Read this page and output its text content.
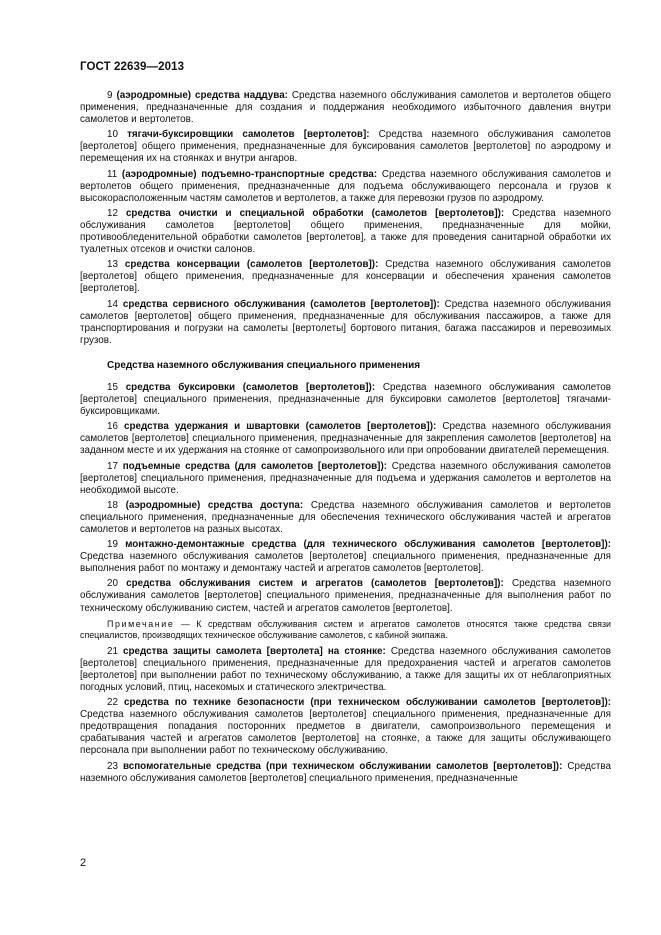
ГОСТ 22639—2013

9 (аэродромные) средства наддува: Средства наземного обслуживания самолетов и вертолетов общего применения, предназначенные для создания и поддержания необходимого избыточного давления внутри самолетов и вертолетов.

10 тягачи-буксировщики самолетов [вертолетов]: Средства наземного обслуживания самолетов [вертолетов] общего применения, предназначенные для буксирования самолетов [вертолетов] по аэродрому и перемещения их на стоянках и внутри ангаров.

11 (аэродромные) подъемно-транспортные средства: Средства наземного обслуживания самолетов и вертолетов общего применения, предназначенные для подъема обслуживающего персонала и грузов к высокорасположенным частям самолетов и вертолетов, а также для перевозки грузов по аэродрому.

12 средства очистки и специальной обработки (самолетов [вертолетов]): Средства наземного обслуживания самолетов [вертолетов] общего применения, предназначенные для мойки, противообледенительной обработки самолетов [вертолетов], а также для проведения санитарной обработки их туалетных отсеков и очистки салонов.

13 средства консервации (самолетов [вертолетов]): Средства наземного обслуживания самолетов [вертолетов] общего применения, предназначенные для консервации и обеспечения хранения самолетов [вертолетов].

14 средства сервисного обслуживания (самолетов [вертолетов]): Средства наземного обслуживания самолетов [вертолетов] общего применения, предназначенные для обслуживания пассажиров, а также для транспортирования и погрузки на самолеты [вертолеты] бортового питания, багажа пассажиров и перевозимых грузов.

Средства наземного обслуживания специального применения

15 средства буксировки (самолетов [вертолетов]): Средства наземного обслуживания самолетов [вертолетов] специального применения, предназначенные для буксировки самолетов [вертолетов] тягачами-буксировщиками.

16 средства удержания и швартовки (самолетов [вертолетов]): Средства наземного обслуживания самолетов [вертолетов] специального применения, предназначенные для закрепления самолетов [вертолетов] на заданном месте и их удержания на стоянке от самопроизвольного или при опробовании двигателей перемещения.

17 подъемные средства (для самолетов [вертолетов]): Средства наземного обслуживания самолетов [вертолетов] специального применения, предназначенные для подъема и удержания самолетов и вертолетов на необходимой высоте.

18 (аэродромные) средства доступа: Средства наземного обслуживания самолетов и вертолетов специального применения, предназначенные для обеспечения технического обслуживания частей и агрегатов самолетов и вертолетов на разных высотах.

19 монтажно-демонтажные средства (для технического обслуживания самолетов [вертолетов]): Средства наземного обслуживания самолетов [вертолетов] специального применения, предназначенные для выполнения работ по монтажу и демонтажу частей и агрегатов самолетов [вертолетов].

20 средства обслуживания систем и агрегатов (самолетов [вертолетов]): Средства наземного обслуживания самолетов [вертолетов] специального применения, предназначенные для выполнения работ по техническому обслуживанию систем, частей и агрегатов самолетов [вертолетов].

Примечание — К средствам обслуживания систем и агрегатов самолетов относятся также средства связи специалистов, производящих техническое обслуживание самолетов, с кабиной экипажа.

21 средства защиты самолета [вертолета] на стоянке: Средства наземного обслуживания самолетов [вертолетов] специального применения, предназначенные для предохранения частей и агрегатов самолетов [вертолетов] при выполнении работ по техническому обслуживанию, а также для защиты их от неблагоприятных погодных условий, птиц, насекомых и статического электричества.

22 средства по технике безопасности (при техническом обслуживании самолетов [вертолетов]): Средства наземного обслуживания самолетов [вертолетов] специального применения, предназначенные для предотвращения попадания посторонних предметов в двигатели, самопроизвольного перемещения и срабатывания частей и агрегатов самолетов [вертолетов] на стоянке, а также для защиты обслуживающего персонала при выполнении работ по техническому обслуживанию.

23 вспомогательные средства (при техническом обслуживании самолетов [вертолетов]): Средства наземного обслуживания самолетов [вертолетов] специального применения, предназначенные

2
